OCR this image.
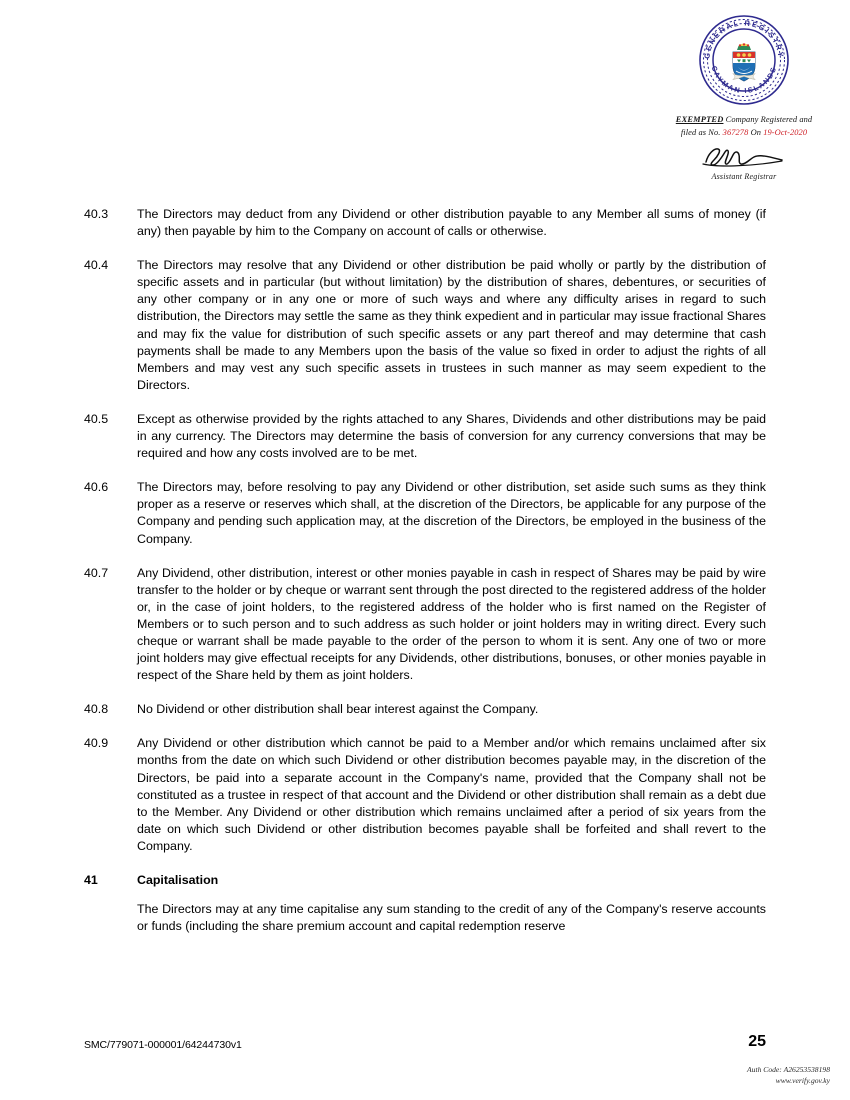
GENERAL REGISTRY
CAYMAN ISLANDS
EXEMPTED Company Registered and
filed as No. 367278 On 19-Oct-2020
Assistant Registrar
40.3	The Directors may deduct from any Dividend or other distribution payable to any Member all sums of money (if any) then payable by him to the Company on account of calls or otherwise.
40.4	The Directors may resolve that any Dividend or other distribution be paid wholly or partly by the distribution of specific assets and in particular (but without limitation) by the distribution of shares, debentures, or securities of any other company or in any one or more of such ways and where any difficulty arises in regard to such distribution, the Directors may settle the same as they think expedient and in particular may issue fractional Shares and may fix the value for distribution of such specific assets or any part thereof and may determine that cash payments shall be made to any Members upon the basis of the value so fixed in order to adjust the rights of all Members and may vest any such specific assets in trustees in such manner as may seem expedient to the Directors.
40.5	Except as otherwise provided by the rights attached to any Shares, Dividends and other distributions may be paid in any currency. The Directors may determine the basis of conversion for any currency conversions that may be required and how any costs involved are to be met.
40.6	The Directors may, before resolving to pay any Dividend or other distribution, set aside such sums as they think proper as a reserve or reserves which shall, at the discretion of the Directors, be applicable for any purpose of the Company and pending such application may, at the discretion of the Directors, be employed in the business of the Company.
40.7	Any Dividend, other distribution, interest or other monies payable in cash in respect of Shares may be paid by wire transfer to the holder or by cheque or warrant sent through the post directed to the registered address of the holder or, in the case of joint holders, to the registered address of the holder who is first named on the Register of Members or to such person and to such address as such holder or joint holders may in writing direct. Every such cheque or warrant shall be made payable to the order of the person to whom it is sent. Any one of two or more joint holders may give effectual receipts for any Dividends, other distributions, bonuses, or other monies payable in respect of the Share held by them as joint holders.
40.8	No Dividend or other distribution shall bear interest against the Company.
40.9	Any Dividend or other distribution which cannot be paid to a Member and/or which remains unclaimed after six months from the date on which such Dividend or other distribution becomes payable may, in the discretion of the Directors, be paid into a separate account in the Company's name, provided that the Company shall not be constituted as a trustee in respect of that account and the Dividend or other distribution shall remain as a debt due to the Member. Any Dividend or other distribution which remains unclaimed after a period of six years from the date on which such Dividend or other distribution becomes payable shall be forfeited and shall revert to the Company.
41	Capitalisation
The Directors may at any time capitalise any sum standing to the credit of any of the Company's reserve accounts or funds (including the share premium account and capital redemption reserve
SMC/779071-000001/64244730v1	25
Auth Code: A26253538198
www.verify.gov.ky
